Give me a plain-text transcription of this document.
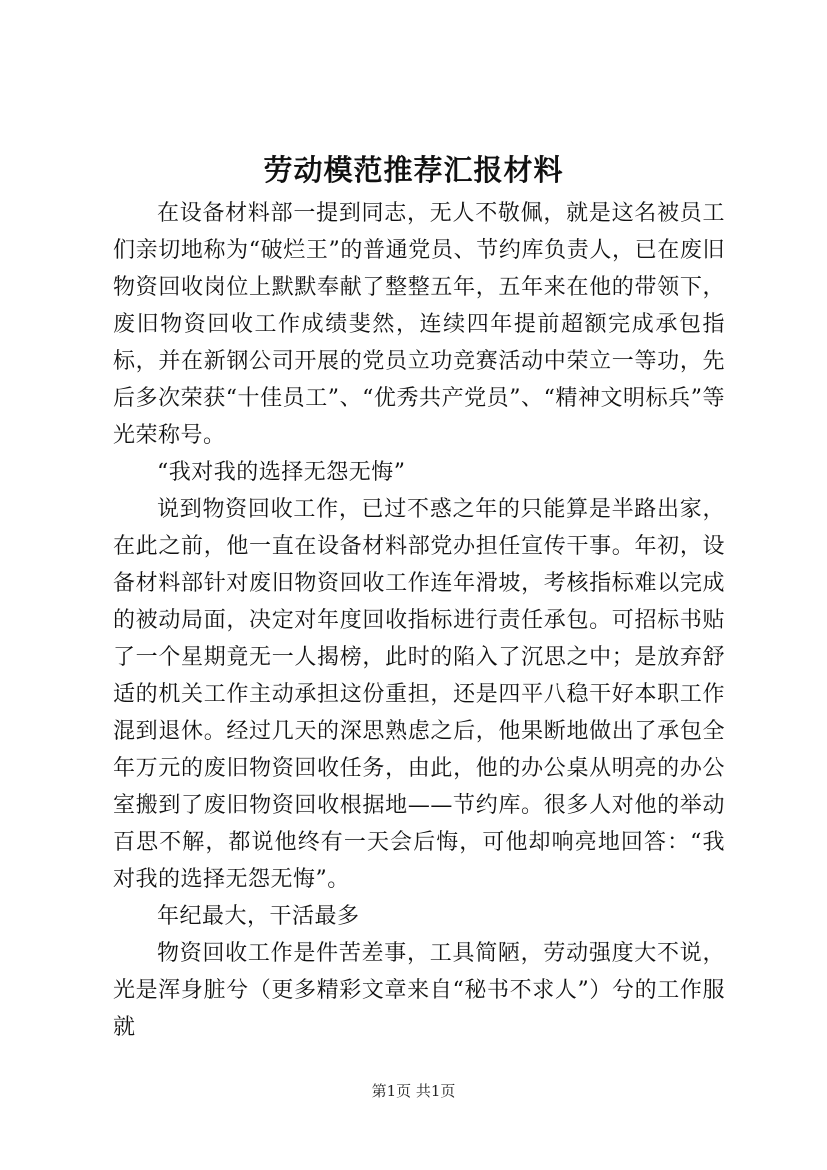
劳动模范推荐汇报材料

在设备材料部一提到同志，无人不敬佩，就是这名被员工们亲切地称为“破烂王”的普通党员、节约库负责人，已在废旧物资回收岗位上默默奉献了整整五年，五年来在他的带领下，废旧物资回收工作成绩斐然，连续四年提前超额完成承包指标，并在新钢公司开展的党员立功竞赛活动中荣立一等功，先后多次荣获“十佳员工”、“优秀共产党员”、“精神文明标兵”等光荣称号。

“我对我的选择无怨无悔”

说到物资回收工作，已过不惑之年的只能算是半路出家，在此之前，他一直在设备材料部党办担任宣传干事。年初，设备材料部针对废旧物资回收工作连年滑坡，考核指标难以完成的被动局面，决定对年度回收指标进行责任承包。可招标书贴了一个星期竟无一人揭榜，此时的陷入了沉思之中；是放弃舒适的机关工作主动承担这份重担，还是四平八稳干好本职工作混到退休。经过几天的深思熟虑之后，他果断地做出了承包全年万元的废旧物资回收任务，由此，他的办公桌从明亮的办公室搬到了废旧物资回收根据地——节约库。很多人对他的举动百思不解，都说他终有一天会后悔，可他却响亮地回答：“我对我的选择无怨无悔”。

年纪最大，干活最多

物资回收工作是件苦差事，工具简陋，劳动强度大不说，光是浑身脏兮（更多精彩文章来自“秘书不求人”）兮的工作服就

第1页 共1页
